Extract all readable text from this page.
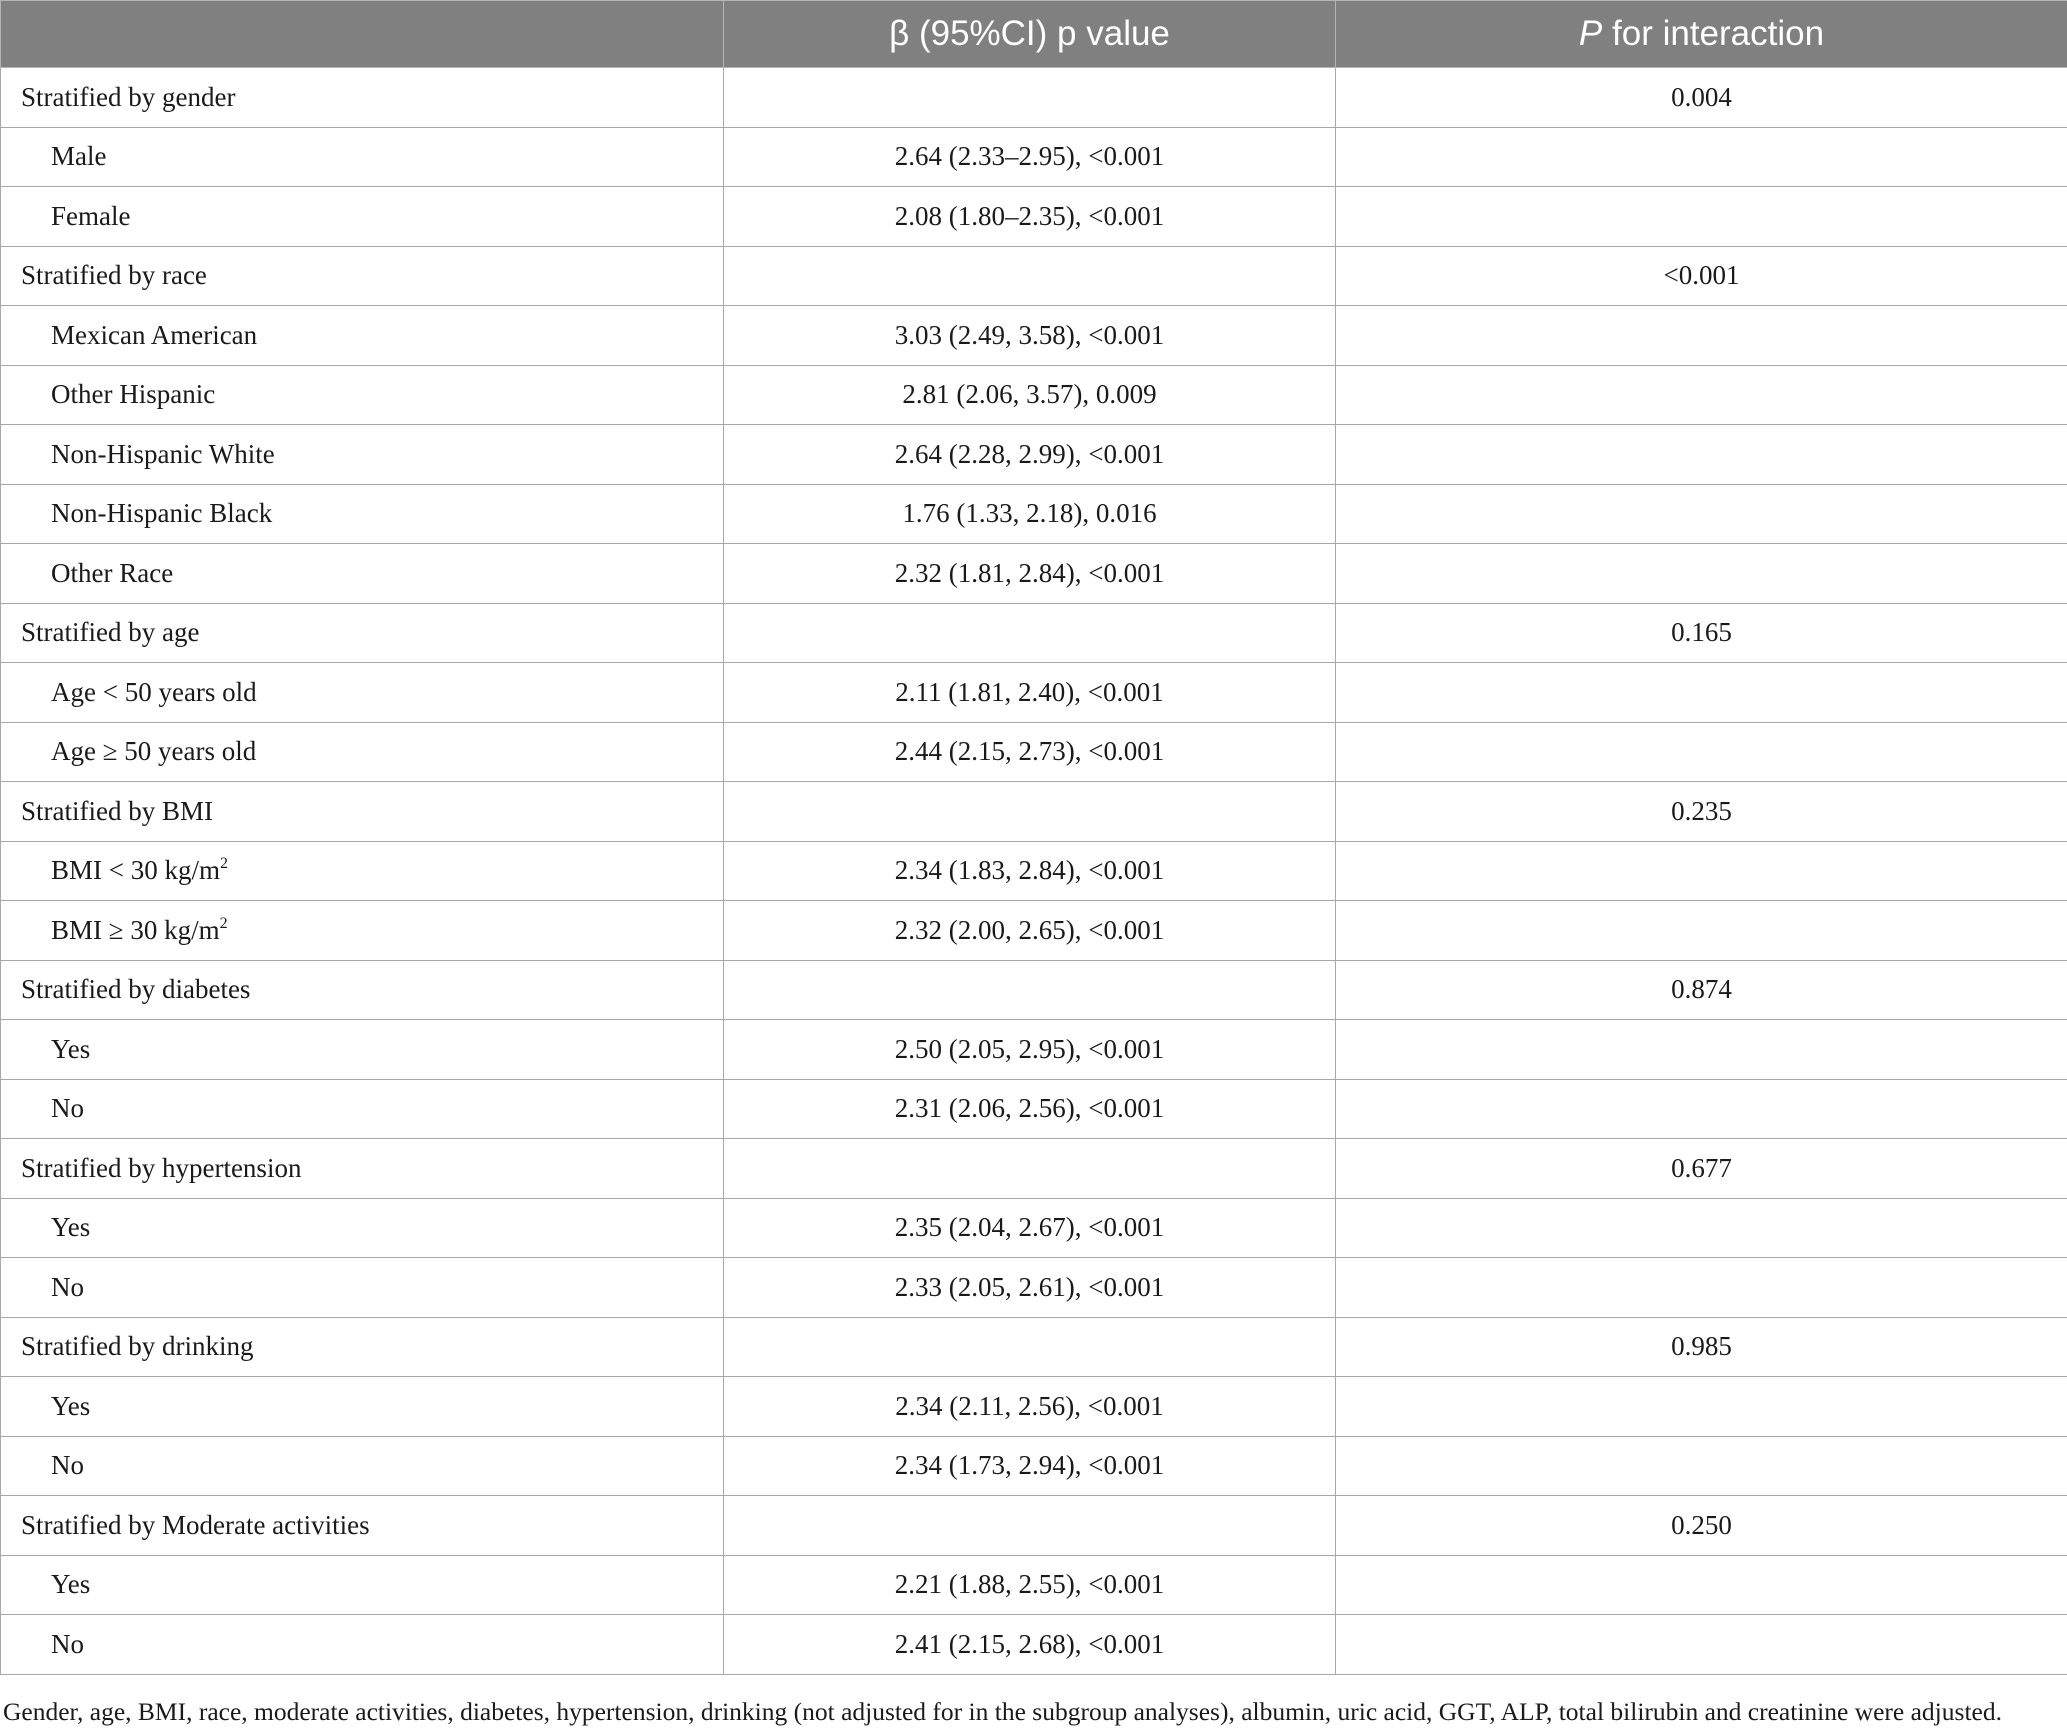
	β (95%CI) p value	P for interaction
Stratified by gender		0.004
Male	2.64 (2.33–2.95), <0.001	
Female	2.08 (1.80–2.35), <0.001	
Stratified by race		<0.001
Mexican American	3.03 (2.49, 3.58), <0.001	
Other Hispanic	2.81 (2.06, 3.57), 0.009	
Non-Hispanic White	2.64 (2.28, 2.99), <0.001	
Non-Hispanic Black	1.76 (1.33, 2.18), 0.016	
Other Race	2.32 (1.81, 2.84), <0.001	
Stratified by age		0.165
Age < 50 years old	2.11 (1.81, 2.40), <0.001	
Age ≥ 50 years old	2.44 (2.15, 2.73), <0.001	
Stratified by BMI		0.235
BMI < 30 $kg/m^2$	2.34 (1.83, 2.84), <0.001	
BMI ≥ 30 $kg/m^2$	2.32 (2.00, 2.65), <0.001	
Stratified by diabetes		0.874
Yes	2.50 (2.05, 2.95), <0.001	
No	2.31 (2.06, 2.56), <0.001	
Stratified by hypertension		0.677
Yes	2.35 (2.04, 2.67), <0.001	
No	2.33 (2.05, 2.61), <0.001	
Stratified by drinking		0.985
Yes	2.34 (2.11, 2.56), <0.001	
No	2.34 (1.73, 2.94), <0.001	
Stratified by Moderate activities		0.250
Yes	2.21 (1.88, 2.55), <0.001	
No	2.41 (2.15, 2.68), <0.001	
Gender, age, BMI, race, moderate activities, diabetes, hypertension, drinking (not adjusted for in the subgroup analyses), albumin, uric acid, GGT, ALP, total bilirubin and creatinine were adjusted.
